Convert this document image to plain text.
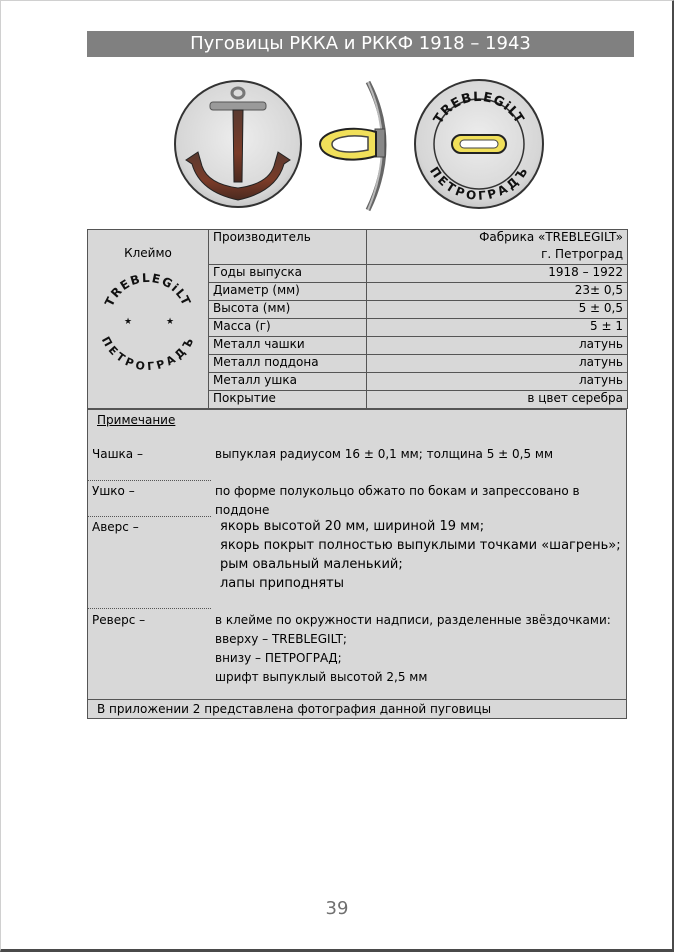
Пуговицы РККА и РККФ 1918 – 1943
TREBLEGiLT
ПЕТРОГРАДЪ
Клеймо
TREBLEGiLT
ПЕТРОГРАДЪ
★ ★	Производитель	Фабрика «TREBLEGILT»
		г. Петроград
	Годы выпуска	1918 – 1922
	Диаметр (мм)	23± 0,5
	Высота (мм)	5 ± 0,5
	Масса (г)	5 ± 1
	Металл чашки	латунь
	Металл поддона	латунь
	Металл ушка	латунь
	Покрытие	в цвет серебра
Примечание
Чашка –	выпуклая радиусом 16 ± 0,1 мм; толщина 5 ± 0,5 мм
Ушко –	по форме полукольцо обжато по бокам и запрессовано в поддоне
Аверс –	якорь высотой 20 мм, шириной 19 мм;
якорь покрыт полностью выпуклыми точками «шагрень»;
рым овальный маленький;
лапы приподняты
Реверс –	в клейме по окружности надписи, разделенные звёздочками:
вверху – TREBLEGILT;
внизу – ПЕТРОГРАД;
шрифт выпуклый высотой 2,5 мм
В приложении 2 представлена фотография данной пуговицы
39
